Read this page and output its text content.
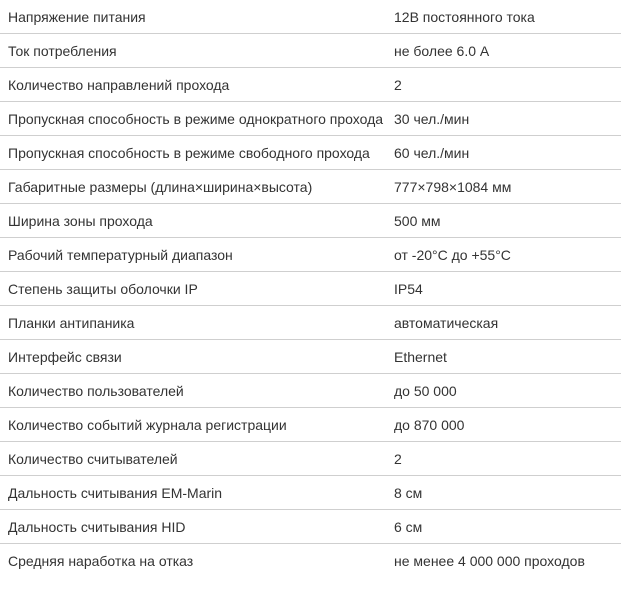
Напряжение питания	12В постоянного тока
Ток потребления	не более 6.0 А
Количество направлений прохода	2
Пропускная способность в режиме однократного прохода	30 чел./мин
Пропускная способность в режиме свободного прохода	60 чел./мин
Габаритные размеры (длина×ширина×высота)	777×798×1084 мм
Ширина зоны прохода	500 мм
Рабочий температурный диапазон	от -20°С до +55°С
Степень защиты оболочки IP	IP54
Планки антипаника	автоматическая
Интерфейс связи	Ethernet
Количество пользователей	до 50 000
Количество событий журнала регистрации	до 870 000
Количество считывателей	2
Дальность считывания EM-Marin	8 см
Дальность считывания HID	6 см
Средняя наработка на отказ	не менее 4 000 000 проходов
